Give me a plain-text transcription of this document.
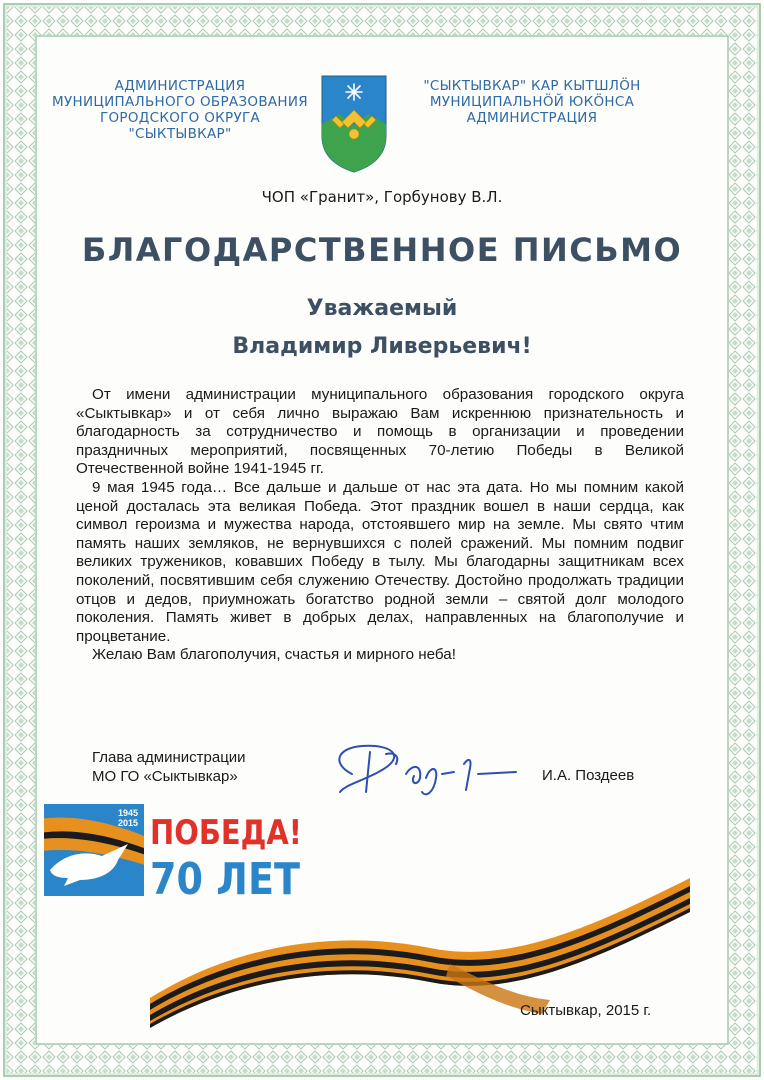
АДМИНИСТРАЦИЯ
МУНИЦИПАЛЬНОГО ОБРАЗОВАНИЯ
ГОРОДСКОГО ОКРУГА
"СЫКТЫВКАР"
"СЫКТЫВКАР" КАР КЫТШЛÖН
МУНИЦИПАЛЬНÖЙ ЮКÖНСА
АДМИНИСТРАЦИЯ
ЧОП «Гранит», Горбунову В.Л.
БЛАГОДАРСТВЕННОЕ ПИСЬМО
Уважаемый
Владимир Ливерьевич!

От имени администрации муниципального образования городского округа «Сыктывкар» и от себя лично выражаю Вам искреннюю признательность и благодарность за сотрудничество и помощь в организации и проведении праздничных мероприятий, посвященных 70-летию Победы в Великой Отечественной войне 1941-1945 гг.

9 мая 1945 года… Все дальше и дальше от нас эта дата. Но мы помним какой ценой досталась эта великая Победа. Этот праздник вошел в наши сердца, как символ героизма и мужества народа, отстоявшего мир на земле. Мы свято чтим память наших земляков, не вернувшихся с полей сражений. Мы помним подвиг великих тружеников, ковавших Победу в тылу. Мы благодарны защитникам всех поколений, посвятившим себя служению Отечеству. Достойно продолжать традиции отцов и дедов, приумножать богатство родной земли – святой долг молодого поколения. Память живет в добрых делах, направленных на благополучие и процветание.

Желаю Вам благополучия, счастья и мирного неба!

Глава администрации
МО ГО «Сыктывкар»	И.А. Поздеев
1945
2015 ПОБЕДА!
70 ЛЕТ
Сыктывкар, 2015 г.
